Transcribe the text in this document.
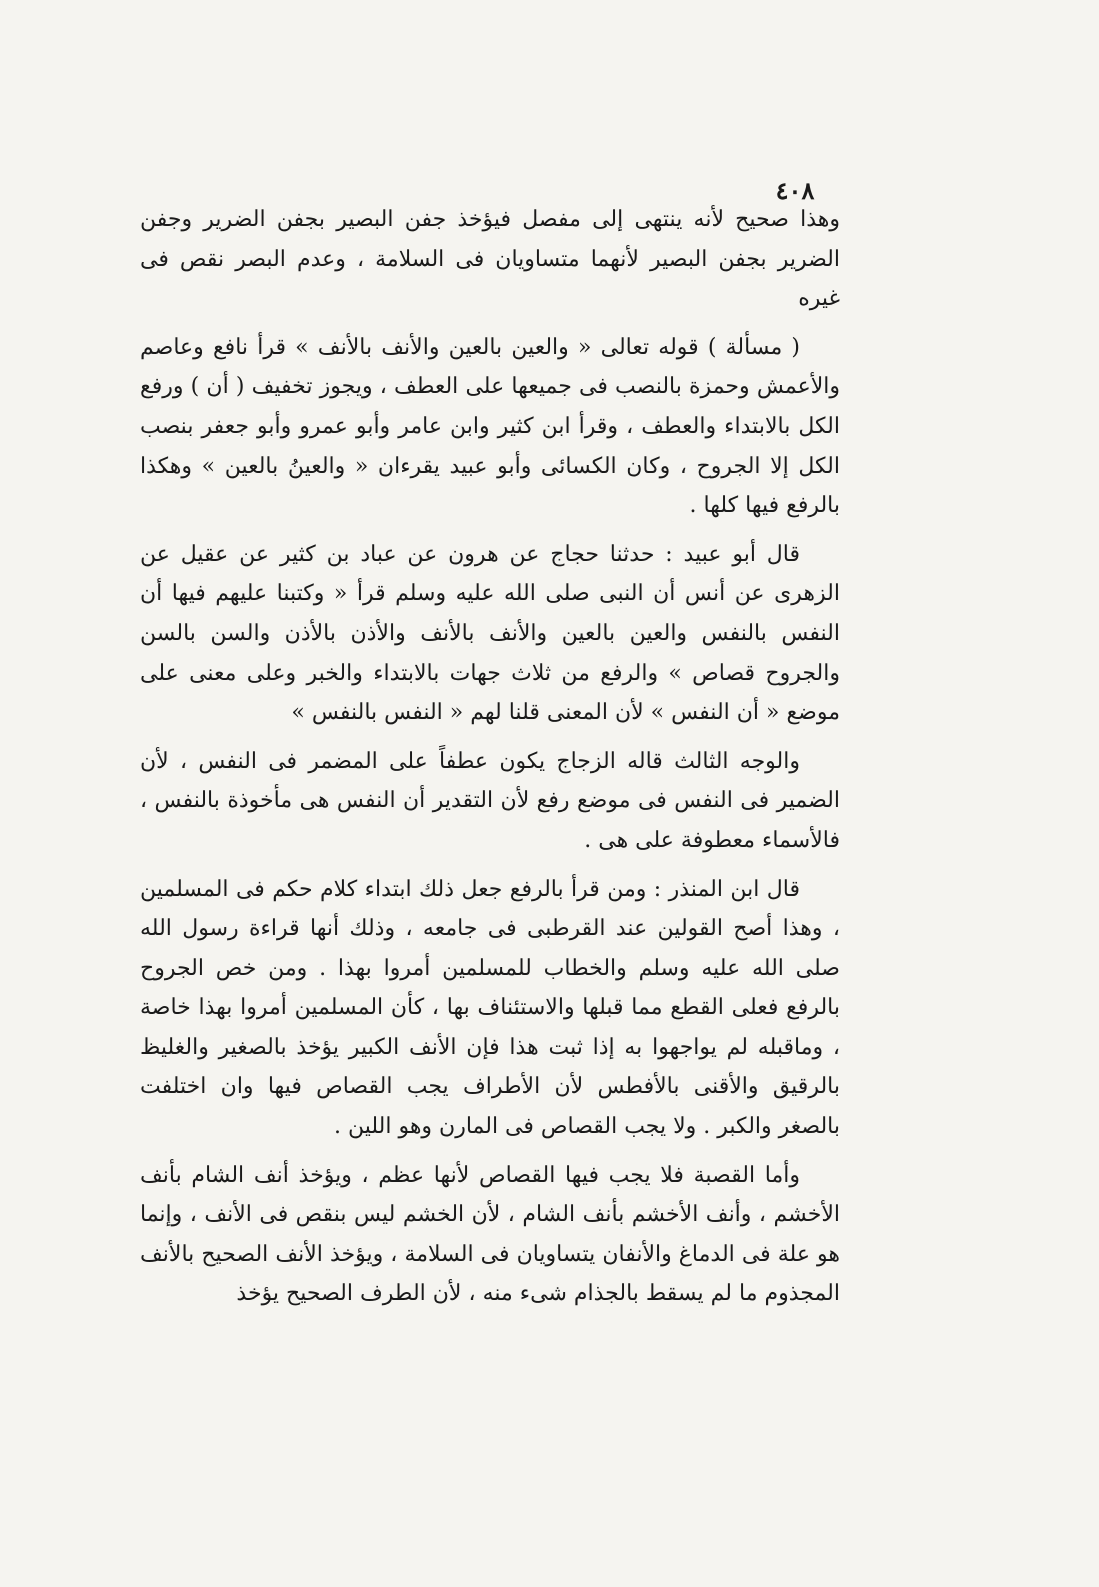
٤٠٨

وهذا صحيح لأنه ينتهى إلى مفصل فيؤخذ جفن البصير بجفن الضرير وجفن الضرير بجفن البصير لأنهما متساويان فى السلامة ، وعدم البصر نقص فى غيره

( مسألة ) قوله تعالى « والعين بالعين والأنف بالأنف » قرأ نافع وعاصم والأعمش وحمزة بالنصب فى جميعها على العطف ، ويجوز تخفيف ( أن ) ورفع الكل بالابتداء والعطف ، وقرأ ابن كثير وابن عامر وأبو عمرو وأبو جعفر بنصب الكل إلا الجروح ، وكان الكسائى وأبو عبيد يقرءان « والعينُ بالعين » وهكذا بالرفع فيها كلها .

قال أبو عبيد : حدثنا حجاج عن هرون عن عباد بن كثير عن عقيل عن الزهرى عن أنس أن النبى صلى الله عليه وسلم قرأ « وكتبنا عليهم فيها أن النفس بالنفس والعين بالعين والأنف بالأنف والأذن بالأذن والسن بالسن والجروح قصاص » والرفع من ثلاث جهات بالابتداء والخبر وعلى معنى على موضع « أن النفس » لأن المعنى قلنا لهم « النفس بالنفس »

والوجه الثالث قاله الزجاج يكون عطفاً على المضمر فى النفس ، لأن الضمير فى النفس فى موضع رفع لأن التقدير أن النفس هى مأخوذة بالنفس ، فالأسماء معطوفة على هى .

قال ابن المنذر : ومن قرأ بالرفع جعل ذلك ابتداء كلام حكم فى المسلمين ، وهذا أصح القولين عند القرطبى فى جامعه ، وذلك أنها قراءة رسول الله صلى الله عليه وسلم والخطاب للمسلمين أمروا بهذا . ومن خص الجروح بالرفع فعلى القطع مما قبلها والاستئناف بها ، كأن المسلمين أمروا بهذا خاصة ، وماقبله لم يواجهوا به إذا ثبت هذا فإن الأنف الكبير يؤخذ بالصغير والغليظ بالرقيق والأقنى بالأفطس لأن الأطراف يجب القصاص فيها وان اختلفت بالصغر والكبر . ولا يجب القصاص فى المارن وهو اللين .

وأما القصبة فلا يجب فيها القصاص لأنها عظم ، ويؤخذ أنف الشام بأنف الأخشم ، وأنف الأخشم بأنف الشام ، لأن الخشم ليس بنقص فى الأنف ، وإنما هو علة فى الدماغ والأنفان يتساويان فى السلامة ، ويؤخذ الأنف الصحيح بالأنف المجذوم ما لم يسقط بالجذام شىء منه ، لأن الطرف الصحيح يؤخذ
